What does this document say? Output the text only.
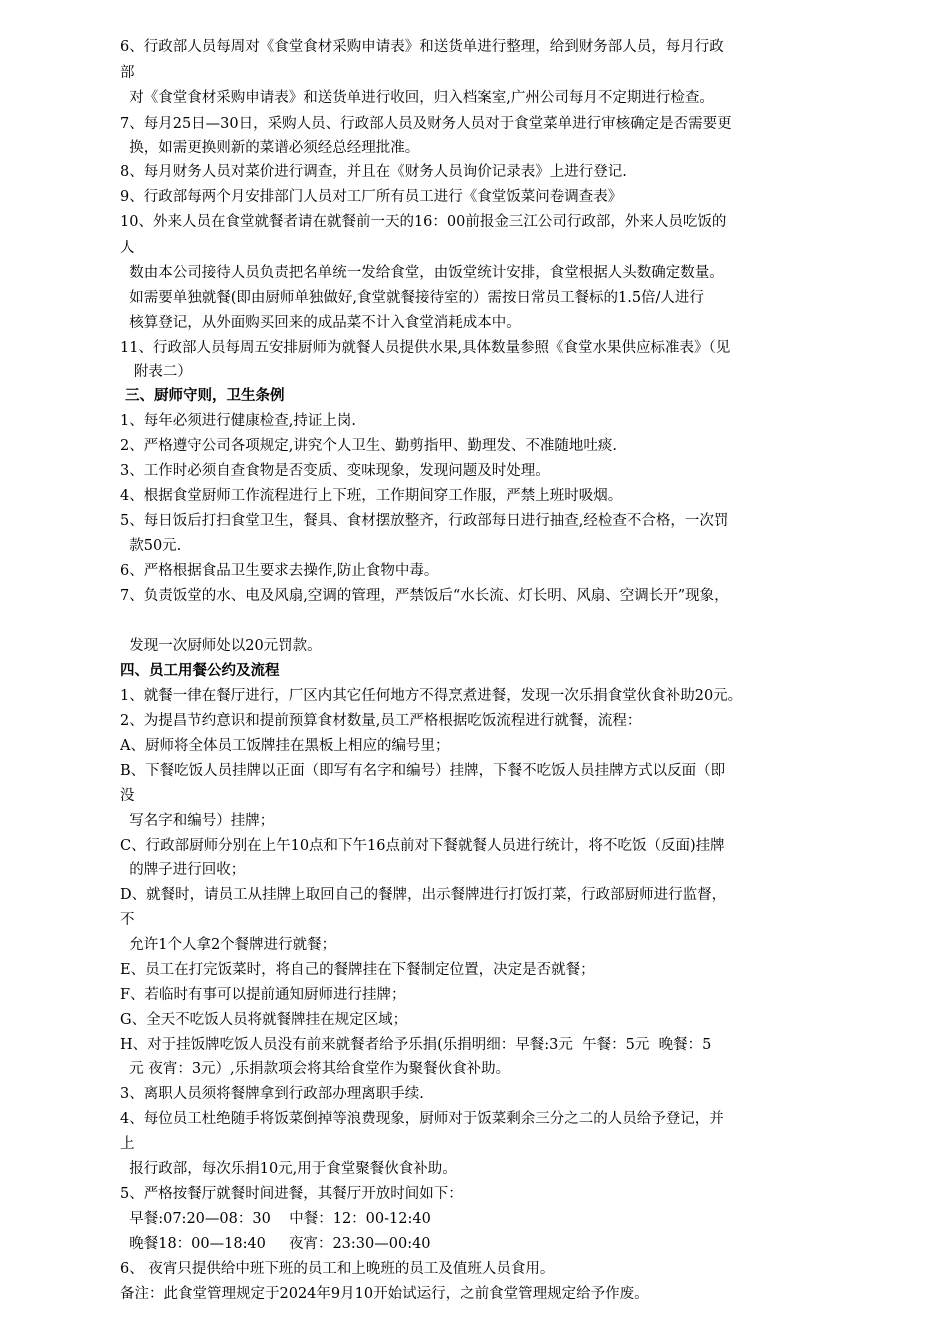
6、行政部人员每周对《食堂食材采购申请表》和送货单进行整理，给到财务部人员，每月行政
部
对《食堂食材采购申请表》和送货单进行收回，归入档案室,广州公司每月不定期进行检查。
7、每月25日—30日，采购人员、行政部人员及财务人员对于食堂菜单进行审核确定是否需要更
换，如需更换则新的菜谱必须经总经理批准。
8、每月财务人员对菜价进行调查，并且在《财务人员询价记录表》上进行登记.
9、行政部每两个月安排部门人员对工厂所有员工进行《食堂饭菜问卷调查表》
10、外来人员在食堂就餐者请在就餐前一天的16：00前报金三江公司行政部，外来人员吃饭的
人
数由本公司接待人员负责把名单统一发给食堂，由饭堂统计安排，食堂根据人头数确定数量。
如需要单独就餐(即由厨师单独做好,食堂就餐接待室的）需按日常员工餐标的1.5倍/人进行
核算登记，从外面购买回来的成品菜不计入食堂消耗成本中。
11、行政部人员每周五安排厨师为就餐人员提供水果,具体数量参照《食堂水果供应标准表》（见
附表二）
三、厨师守则，卫生条例
1、每年必须进行健康检查,持证上岗.
2、严格遵守公司各项规定,讲究个人卫生、勤剪指甲、勤理发、不准随地吐痰.
3、工作时必须自查食物是否变质、变味现象，发现问题及时处理。
4、根据食堂厨师工作流程进行上下班，工作期间穿工作服，严禁上班时吸烟。
5、每日饭后打扫食堂卫生，餐具、食材摆放整齐，行政部每日进行抽查,经检查不合格，一次罚
款50元.
6、严格根据食品卫生要求去操作,防止食物中毒。
7、负责饭堂的水、电及风扇,空调的管理，严禁饭后“水长流、灯长明、风扇、空调长开”现象，
发现一次厨师处以20元罚款。
四、员工用餐公约及流程
1、就餐一律在餐厅进行，厂区内其它任何地方不得烹煮进餐，发现一次乐捐食堂伙食补助20元。
2、为提昌节约意识和提前预算食材数量,员工严格根据吃饭流程进行就餐，流程：
A、厨师将全体员工饭牌挂在黑板上相应的编号里；
B、下餐吃饭人员挂牌以正面（即写有名字和编号）挂牌，下餐不吃饭人员挂牌方式以反面（即
没
写名字和编号）挂牌；
C、行政部厨师分别在上午10点和下午16点前对下餐就餐人员进行统计，将不吃饭（反面)挂牌
的牌子进行回收；
D、就餐时，请员工从挂牌上取回自己的餐牌，出示餐牌进行打饭打菜，行政部厨师进行监督，
不
允许1个人拿2个餐牌进行就餐；
E、员工在打完饭菜时，将自己的餐牌挂在下餐制定位置，决定是否就餐；
F、若临时有事可以提前通知厨师进行挂牌；
G、全天不吃饭人员将就餐牌挂在规定区域；
H、对于挂饭牌吃饭人员没有前来就餐者给予乐捐(乐捐明细：早餐:3元  午餐：5元  晚餐：5
元 夜宵：3元）,乐捐款项会将其给食堂作为聚餐伙食补助。
3、离职人员须将餐牌拿到行政部办理离职手续.
4、每位员工杜绝随手将饭菜倒掉等浪费现象，厨师对于饭菜剩余三分之二的人员给予登记，并
上
报行政部，每次乐捐10元,用于食堂聚餐伙食补助。
5、严格按餐厅就餐时间进餐，其餐厅开放时间如下：
早餐:07:20—08：30    中餐：12：00-12:40
晚餐18：00—18:40     夜宵：23:30—00:40
6、 夜宵只提供给中班下班的员工和上晚班的员工及值班人员食用。
备注：此食堂管理规定于2024年9月10开始试运行，之前食堂管理规定给予作废。
